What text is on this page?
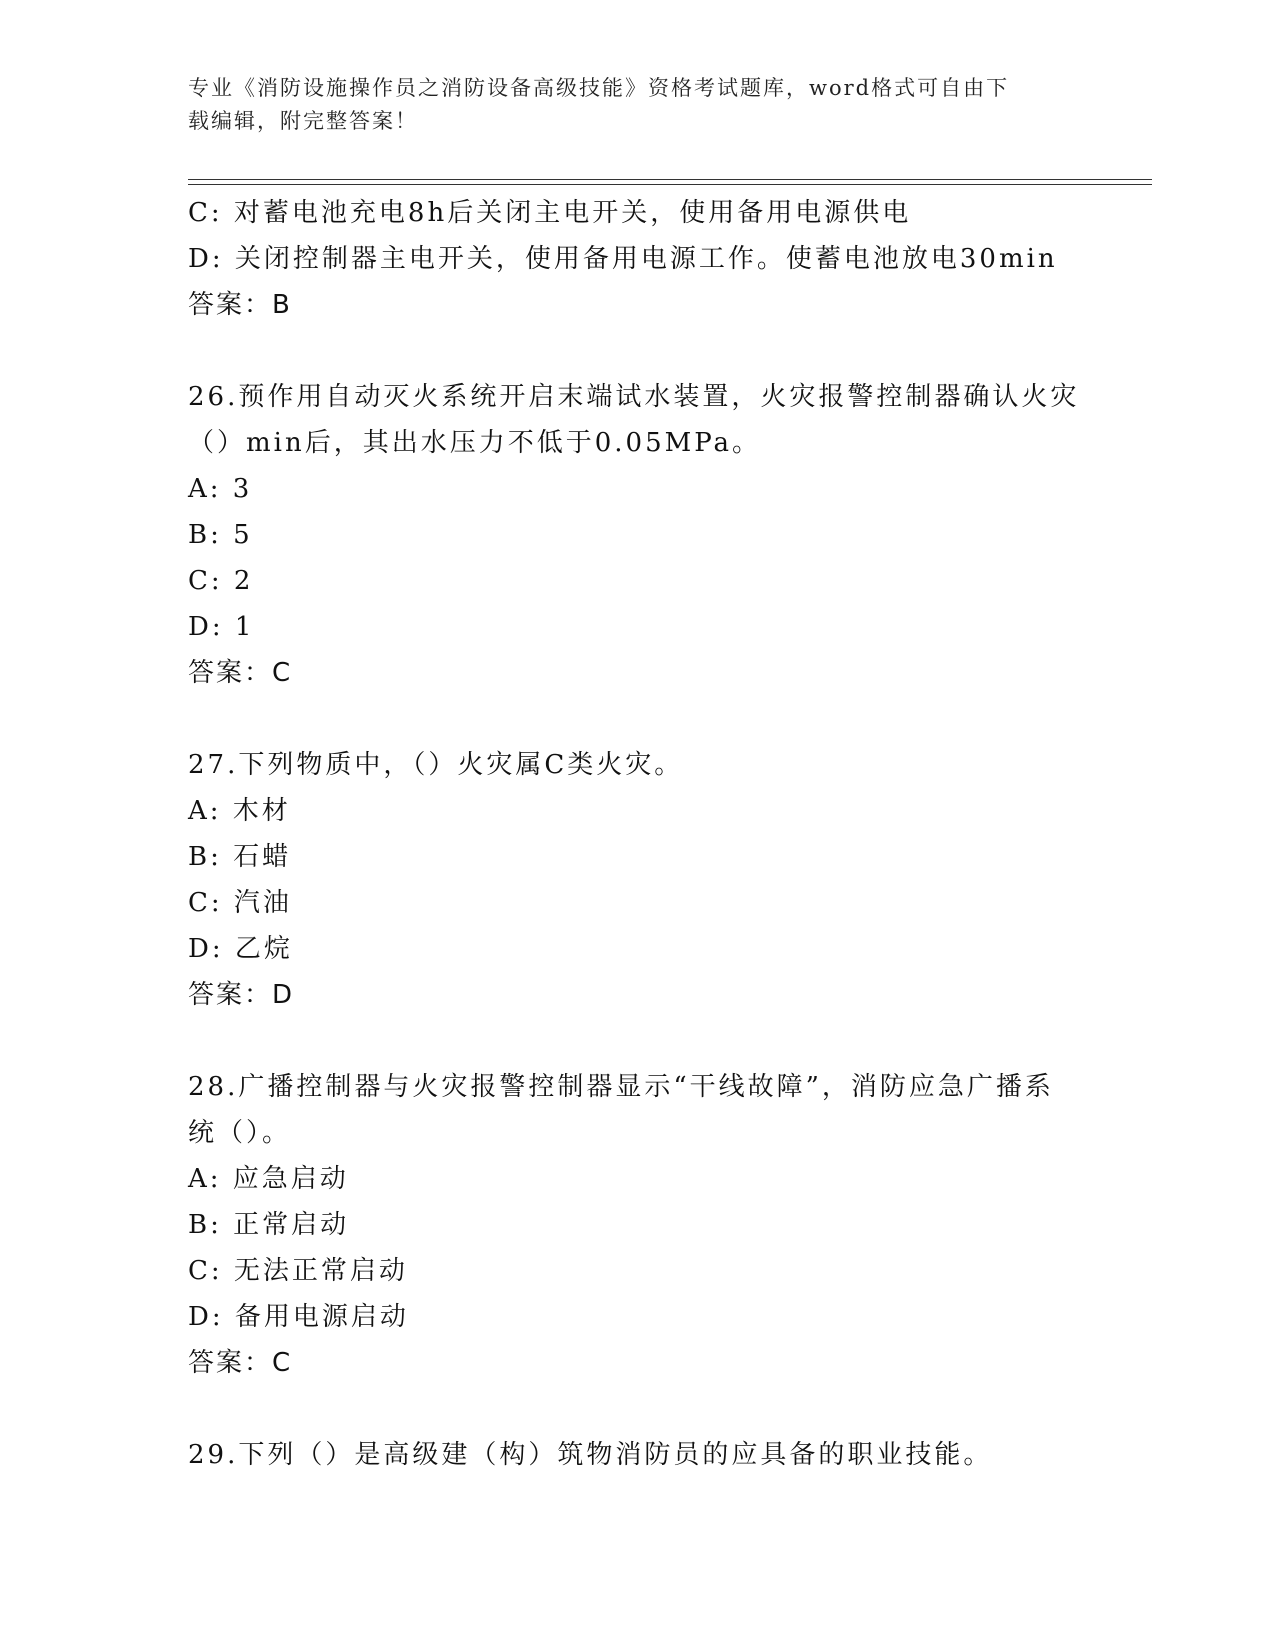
专业《消防设施操作员之消防设备高级技能》资格考试题库，word格式可自由下
载编辑，附完整答案！

C: 对蓄电池充电8h后关闭主电开关，使用备用电源供电

D: 关闭控制器主电开关，使用备用电源工作。使蓄电池放电30min

答案：B

26.预作用自动灭火系统开启末端试水装置，火灾报警控制器确认火灾

（）min后，其出水压力不低于0.05MPa。

A: 3

B: 5

C: 2

D: 1

答案：C

27.下列物质中，（）火灾属C类火灾。

A: 木材

B: 石蜡

C: 汽油

D: 乙烷

答案：D

28.广播控制器与火灾报警控制器显示“干线故障”，消防应急广播系

统（）。

A: 应急启动

B: 正常启动

C: 无法正常启动

D: 备用电源启动

答案：C

29.下列（）是高级建（构）筑物消防员的应具备的职业技能。
